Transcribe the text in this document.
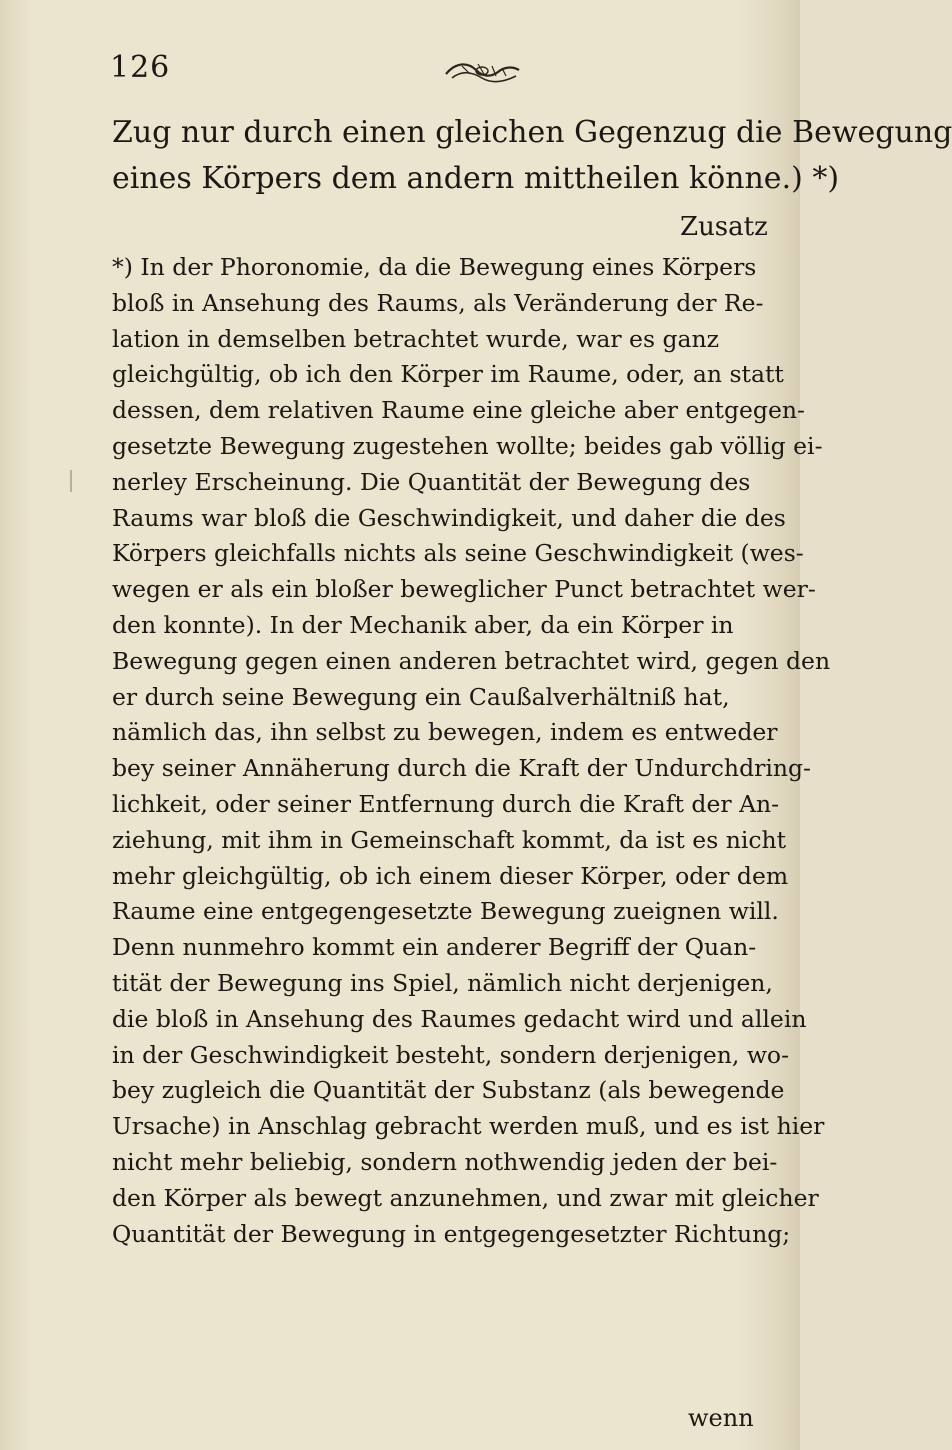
126
Zug nur durch einen gleichen Gegenzug die Bewegung
eines Körpers dem andern mittheilen könne.) *)
Zusatz
*) In der Phoronomie, da die Bewegung eines Körpers
bloß in Ansehung des Raums, als Veränderung der Re-
lation in demselben betrachtet wurde, war es ganz
gleichgültig, ob ich den Körper im Raume, oder, an statt
dessen, dem relativen Raume eine gleiche aber entgegen-
gesetzte Bewegung zugestehen wollte; beides gab völlig ei-
nerley Erscheinung. Die Quantität der Bewegung des
Raums war bloß die Geschwindigkeit, und daher die des
Körpers gleichfalls nichts als seine Geschwindigkeit (wes-
wegen er als ein bloßer beweglicher Punct betrachtet wer-
den konnte). In der Mechanik aber, da ein Körper in
Bewegung gegen einen anderen betrachtet wird, gegen den
er durch seine Bewegung ein Caußalverhältniß hat,
nämlich das, ihn selbst zu bewegen, indem es entweder
bey seiner Annäherung durch die Kraft der Undurchdring-
lichkeit, oder seiner Entfernung durch die Kraft der An-
ziehung, mit ihm in Gemeinschaft kommt, da ist es nicht
mehr gleichgültig, ob ich einem dieser Körper, oder dem
Raume eine entgegengesetzte Bewegung zueignen will.
Denn nunmehro kommt ein anderer Begriff der Quan-
tität der Bewegung ins Spiel, nämlich nicht derjenigen,
die bloß in Ansehung des Raumes gedacht wird und allein
in der Geschwindigkeit besteht, sondern derjenigen, wo-
bey zugleich die Quantität der Substanz (als bewegende
Ursache) in Anschlag gebracht werden muß, und es ist hier
nicht mehr beliebig, sondern nothwendig jeden der bei-
den Körper als bewegt anzunehmen, und zwar mit gleicher
Quantität der Bewegung in entgegengesetzter Richtung;
wenn
